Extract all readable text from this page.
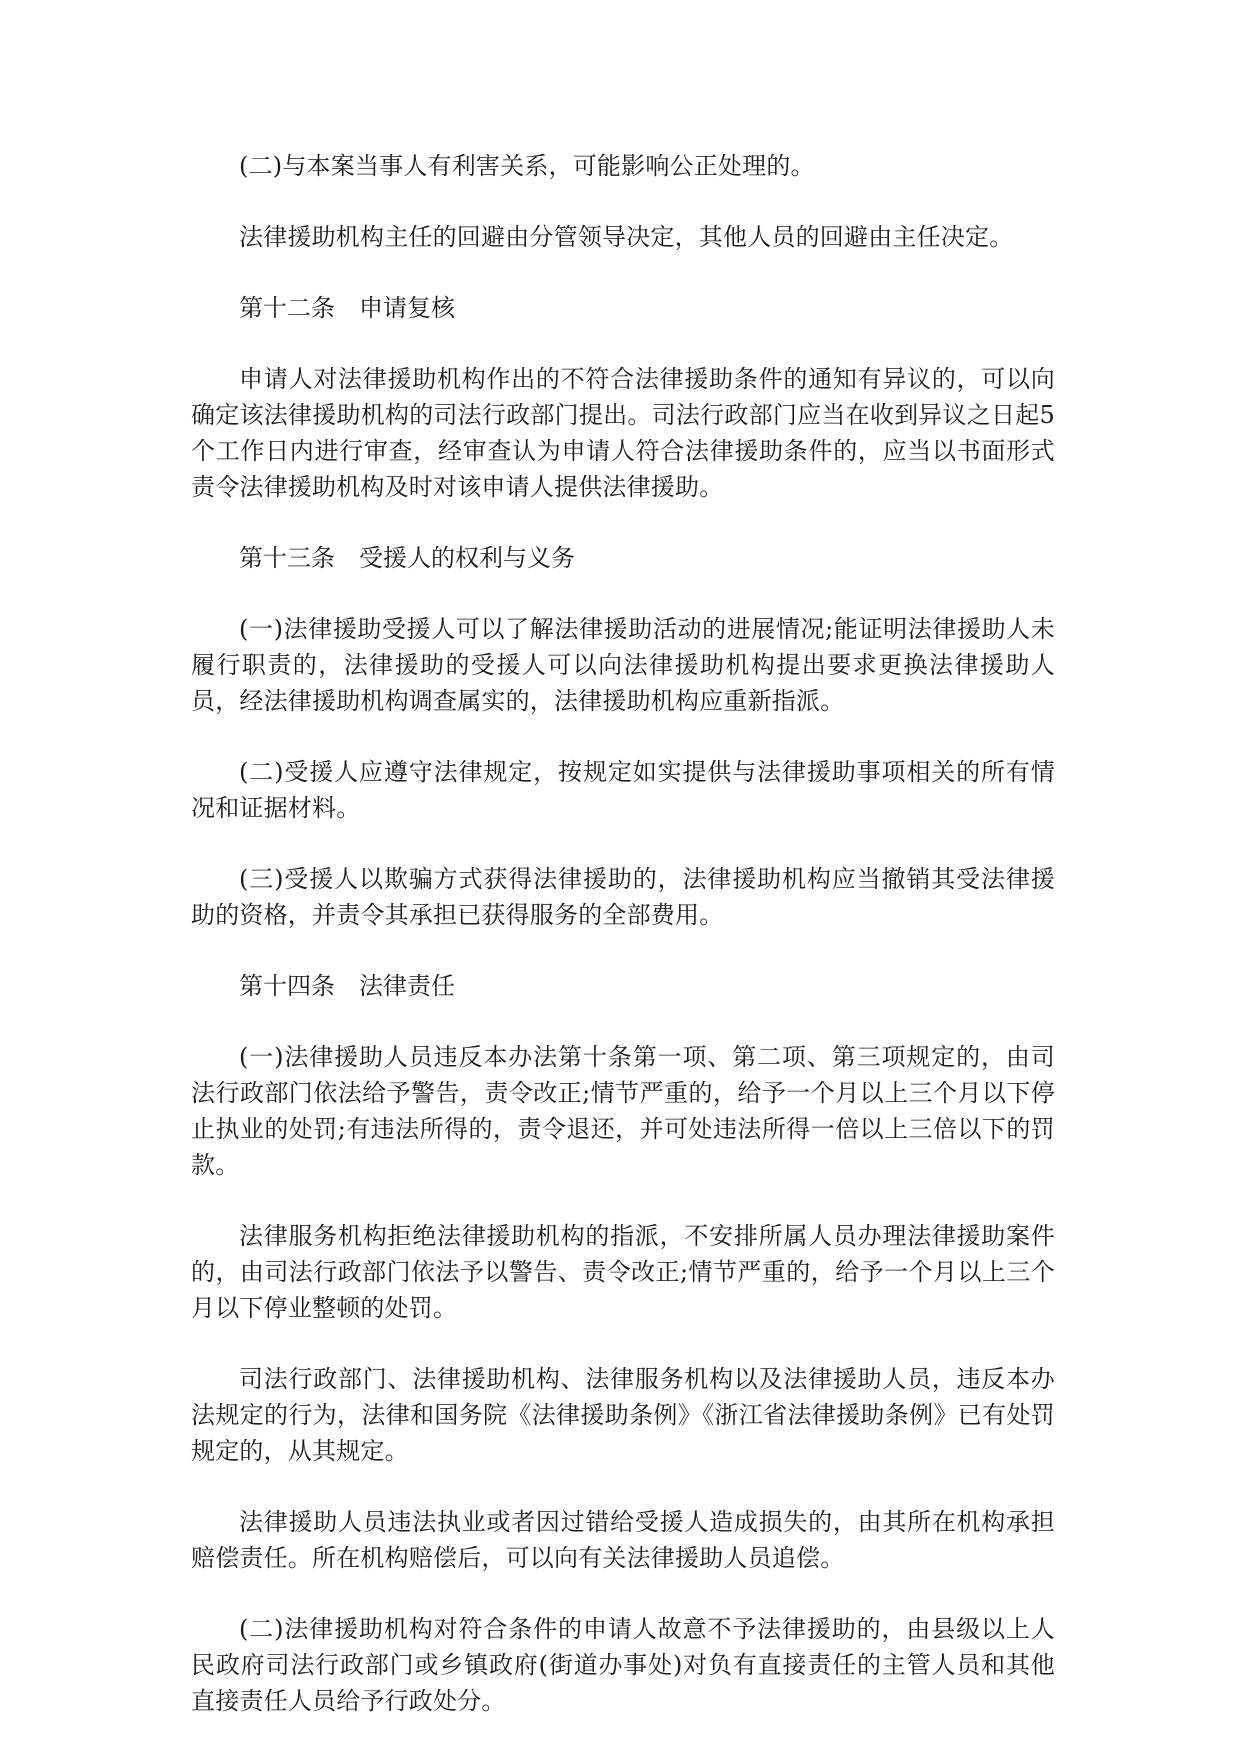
(二)与本案当事人有利害关系，可能影响公正处理的。

法律援助机构主任的回避由分管领导决定，其他人员的回避由主任决定。

第十二条　申请复核

申请人对法律援助机构作出的不符合法律援助条件的通知有异议的，可以向确定该法律援助机构的司法行政部门提出。司法行政部门应当在收到异议之日起5个工作日内进行审查，经审查认为申请人符合法律援助条件的，应当以书面形式责令法律援助机构及时对该申请人提供法律援助。

第十三条　受援人的权利与义务

(一)法律援助受援人可以了解法律援助活动的进展情况;能证明法律援助人未履行职责的，法律援助的受援人可以向法律援助机构提出要求更换法律援助人员，经法律援助机构调查属实的，法律援助机构应重新指派。

(二)受援人应遵守法律规定，按规定如实提供与法律援助事项相关的所有情况和证据材料。

(三)受援人以欺骗方式获得法律援助的，法律援助机构应当撤销其受法律援助的资格，并责令其承担已获得服务的全部费用。

第十四条　法律责任

(一)法律援助人员违反本办法第十条第一项、第二项、第三项规定的，由司法行政部门依法给予警告，责令改正;情节严重的，给予一个月以上三个月以下停止执业的处罚;有违法所得的，责令退还，并可处违法所得一倍以上三倍以下的罚款。

法律服务机构拒绝法律援助机构的指派，不安排所属人员办理法律援助案件的，由司法行政部门依法予以警告、责令改正;情节严重的，给予一个月以上三个月以下停业整顿的处罚。

司法行政部门、法律援助机构、法律服务机构以及法律援助人员，违反本办法规定的行为，法律和国务院《法律援助条例》《浙江省法律援助条例》已有处罚规定的，从其规定。

法律援助人员违法执业或者因过错给受援人造成损失的，由其所在机构承担赔偿责任。所在机构赔偿后，可以向有关法律援助人员追偿。

(二)法律援助机构对符合条件的申请人故意不予法律援助的，由县级以上人民政府司法行政部门或乡镇政府(街道办事处)对负有直接责任的主管人员和其他直接责任人员给予行政处分。
